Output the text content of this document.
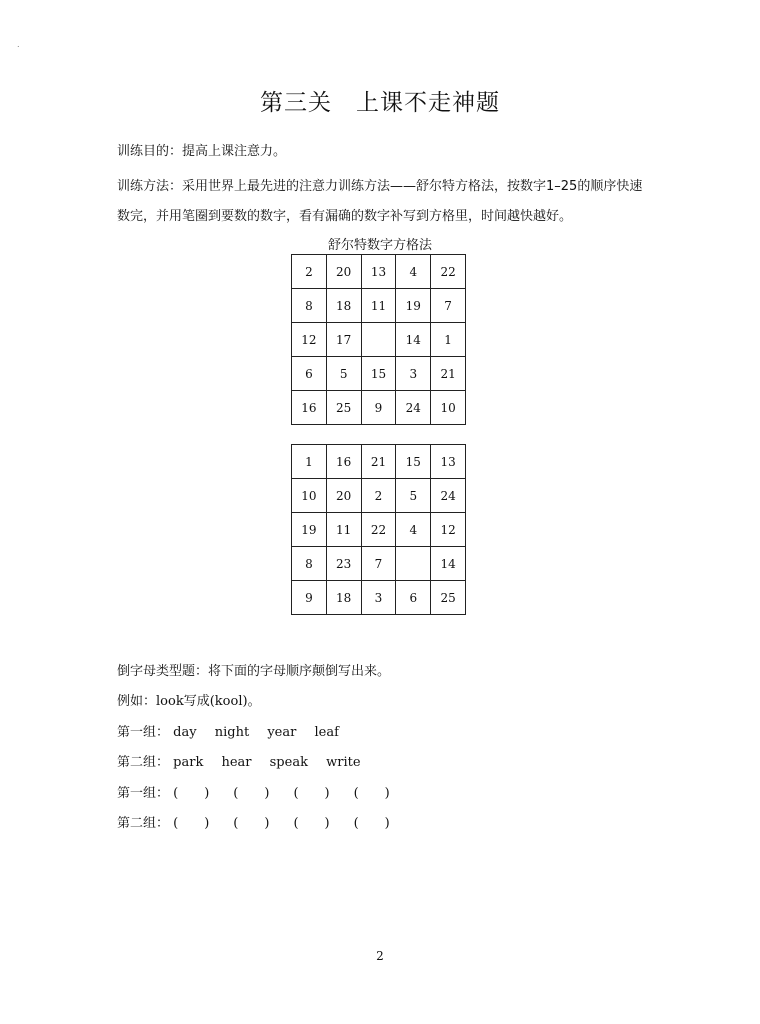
.
第三关　上课不走神题
训练目的：提高上课注意力。
训练方法：采用世界上最先进的注意力训练方法——舒尔特方格法，按数字1–25的顺序快速
数完，并用笔圈到要数的数字，看有漏确的数字补写到方格里，时间越快越好。
舒尔特数字方格法
2	20	13	4	22
8	18	11	19	7
12	17		14	1
6	5	15	3	21
16	25	9	24	10
1	16	21	15	13
10	20	2	5	24
19	11	22	4	12
8	23	7		14
9	18	3	6	25
倒字母类型题：将下面的字母顺序颠倒写出来。
例如：look写成(kool)。
第一组： day night year leaf
第二组： park hear speak write
第一组： (　　) (　　) (　　) (　　)
第二组： (　　) (　　) (　　) (　　)
2
